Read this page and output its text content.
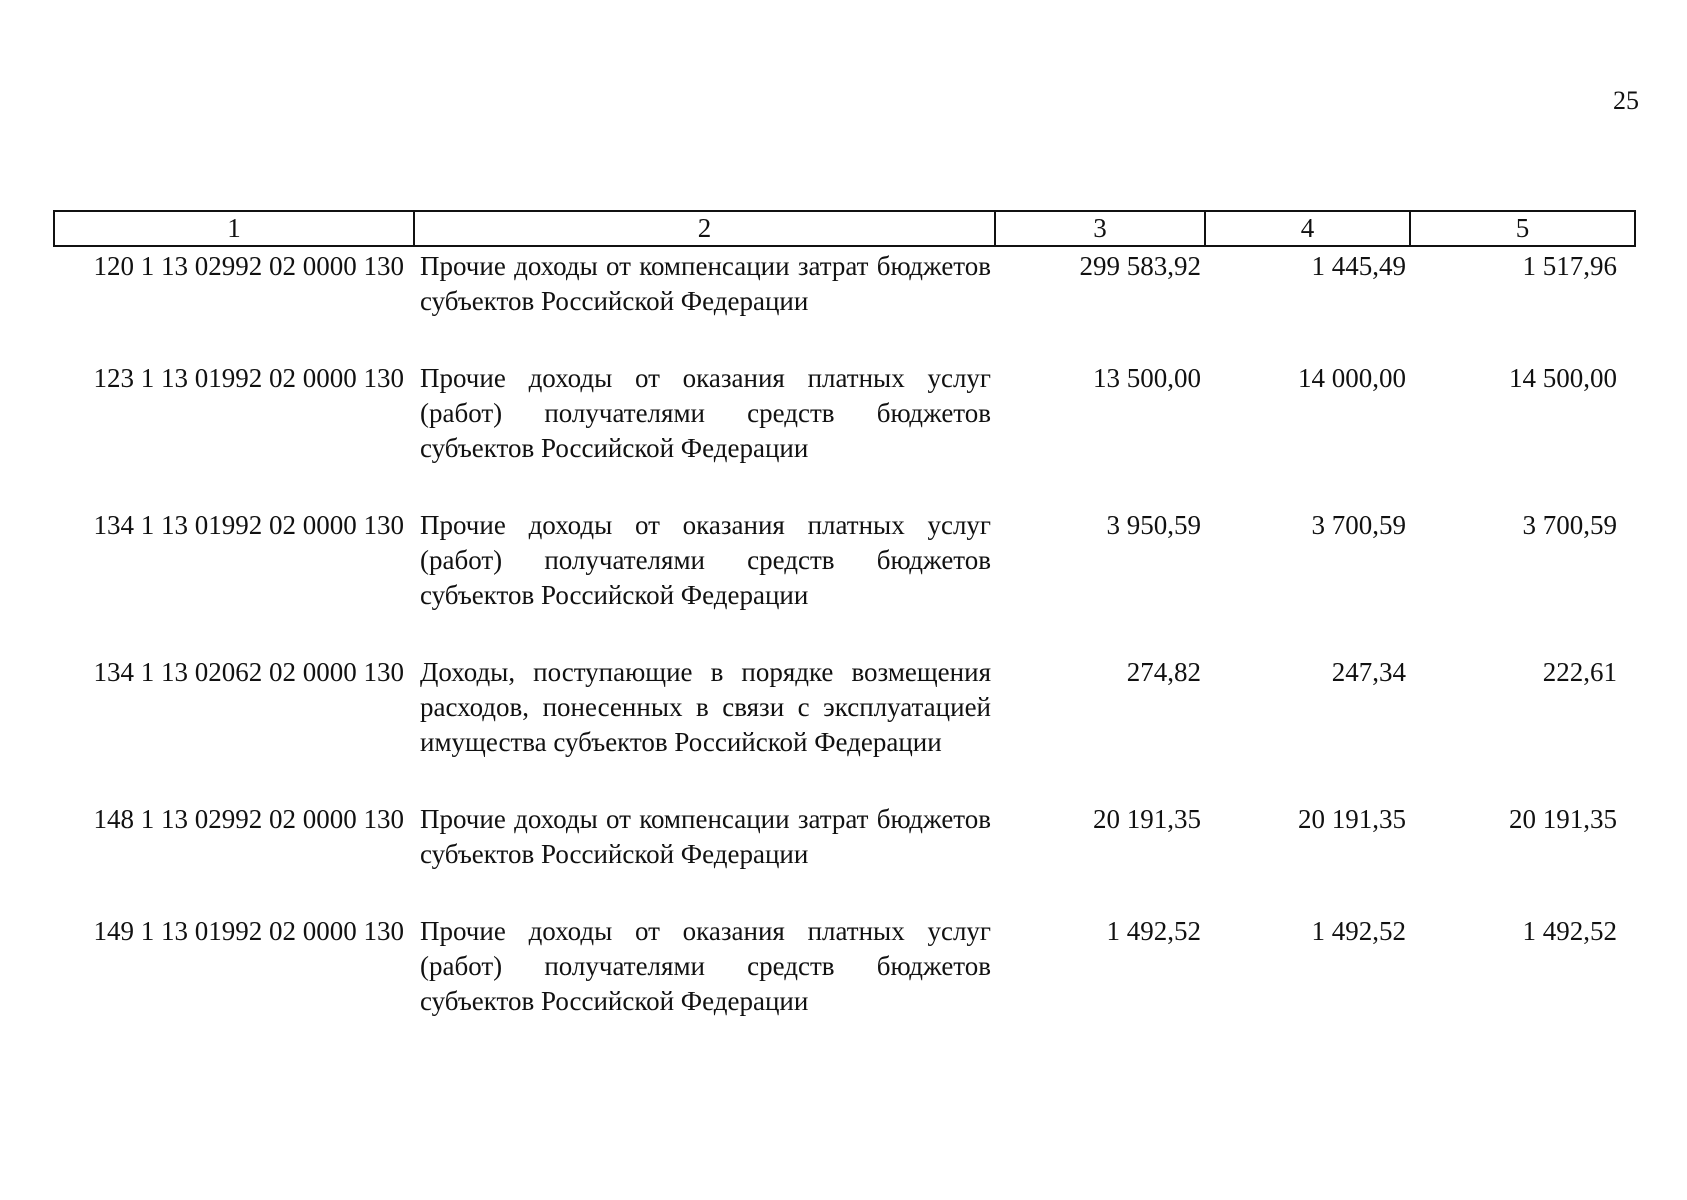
25
1	2	3	4	5
120 1 13 02992 02 0000 130	Прочие доходы от компенсации затрат бюджетов субъектов Российской Федерации	299 583,92	1 445,49	1 517,96
123 1 13 01992 02 0000 130	Прочие доходы от оказания платных услуг (работ) получателями средств бюджетов субъектов Российской Федерации	13 500,00	14 000,00	14 500,00
134 1 13 01992 02 0000 130	Прочие доходы от оказания платных услуг (работ) получателями средств бюджетов субъектов Российской Федерации	3 950,59	3 700,59	3 700,59
134 1 13 02062 02 0000 130	Доходы, поступающие в порядке возмещения расходов, понесенных в связи с эксплуатацией имущества субъектов Российской Федерации	274,82	247,34	222,61
148 1 13 02992 02 0000 130	Прочие доходы от компенсации затрат бюджетов субъектов Российской Федерации	20 191,35	20 191,35	20 191,35
149 1 13 01992 02 0000 130	Прочие доходы от оказания платных услуг (работ) получателями средств бюджетов субъектов Российской Федерации	1 492,52	1 492,52	1 492,52
